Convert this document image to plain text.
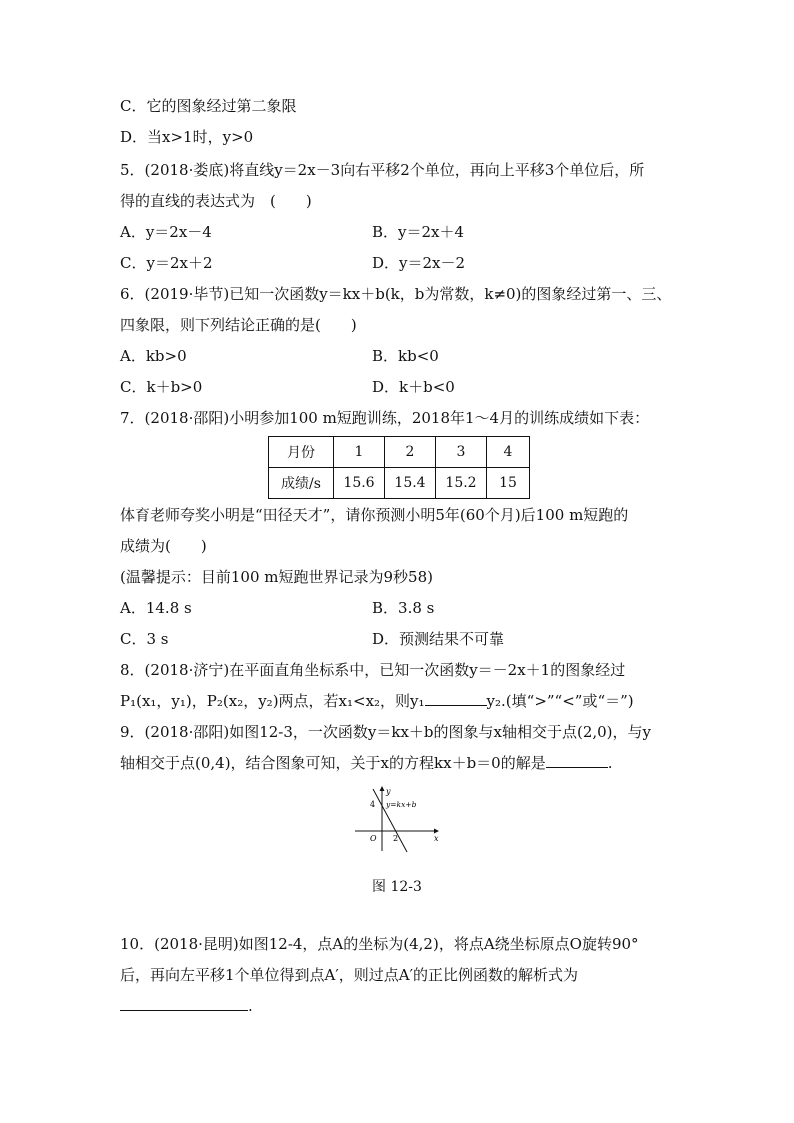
C．它的图象经过第二象限
D．当x>1时，y>0
5．(2018·娄底)将直线y＝2x－3向右平移2个单位，再向上平移3个单位后，所
得的直线的表达式为　(　　)
A．y＝2x－4	B．y＝2x＋4
C．y＝2x＋2	D．y＝2x－2
6．(2019·毕节)已知一次函数y＝kx＋b(k，b为常数，k≠0)的图象经过第一、三、
四象限，则下列结论正确的是(　　)
A．kb>0	B．kb<0
C．k＋b>0	D．k＋b<0
7．(2018·邵阳)小明参加100 m短跑训练，2018年1～4月的训练成绩如下表：
月份	1	2	3	4
成绩/s	15.6	15.4	15.2	15
体育老师夸奖小明是“田径天才”，请你预测小明5年(60个月)后100 m短跑的
成绩为(　　)
(温馨提示：目前100 m短跑世界记录为9秒58)
A．14.8 s	B．3.8 s
C．3 s	D．预测结果不可靠
8．(2018·济宁)在平面直角坐标系中，已知一次函数y＝－2x＋1的图象经过
P₁(x₁，y₁)，P₂(x₂，y₂)两点，若x₁<x₂，则y₁	y₂.(填“>”“<”或“＝”)
9．(2018·邵阳)如图12-3，一次函数y＝kx＋b的图象与x轴相交于点(2,0)，与y
轴相交于点(0,4)，结合图象可知，关于x的方程kx＋b＝0的解是	.
y
x
O
4
2
y=kx+b
图 12-3
10．(2018·昆明)如图12-4，点A的坐标为(4,2)，将点A绕坐标原点O旋转90°
后，再向左平移1个单位得到点A′，则过点A′的正比例函数的解析式为
.
